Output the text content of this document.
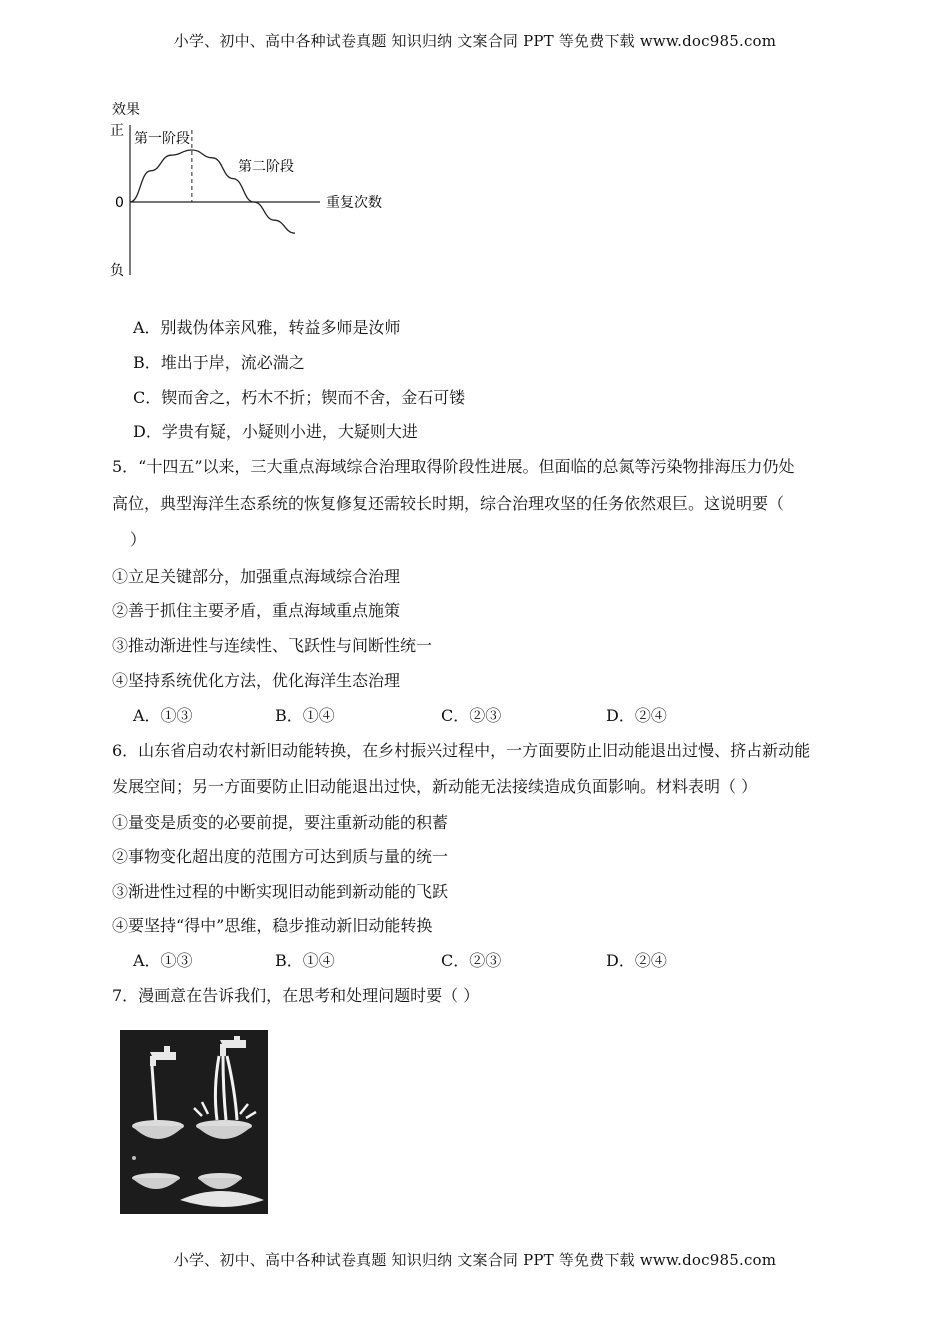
小学、初中、高中各种试卷真题 知识归纳 文案合同 PPT 等免费下载 www.doc985.com
效果
正
负
0	重复次数
第一阶段
第二阶段
A．别裁伪体亲风雅，转益多师是汝师
B．堆出于岸，流必湍之
C．锲而舍之，朽木不折；锲而不舍，金石可镂
D．学贵有疑，小疑则小进，大疑则大进
5．“十四五”以来，三大重点海域综合治理取得阶段性进展。但面临的总氮等污染物排海压力仍处
高位，典型海洋生态系统的恢复修复还需较长时期，综合治理攻坚的任务依然艰巨。这说明要（
）
①立足关键部分，加强重点海域综合治理
②善于抓住主要矛盾，重点海域重点施策
③推动渐进性与连续性、飞跃性与间断性统一
④坚持系统优化方法，优化海洋生态治理
A．①③	B．①④	C．②③	D．②④
6．山东省启动农村新旧动能转换，在乡村振兴过程中，一方面要防止旧动能退出过慢、挤占新动能
发展空间；另一方面要防止旧动能退出过快，新动能无法接续造成负面影响。材料表明（ ）
①量变是质变的必要前提，要注重新动能的积蓄
②事物变化超出度的范围方可达到质与量的统一
③渐进性过程的中断实现旧动能到新动能的飞跃
④要坚持“得中”思维，稳步推动新旧动能转换
A．①③	B．①④	C．②③	D．②④
7．漫画意在告诉我们，在思考和处理问题时要（ ）
小学、初中、高中各种试卷真题 知识归纳 文案合同 PPT 等免费下载 www.doc985.com
